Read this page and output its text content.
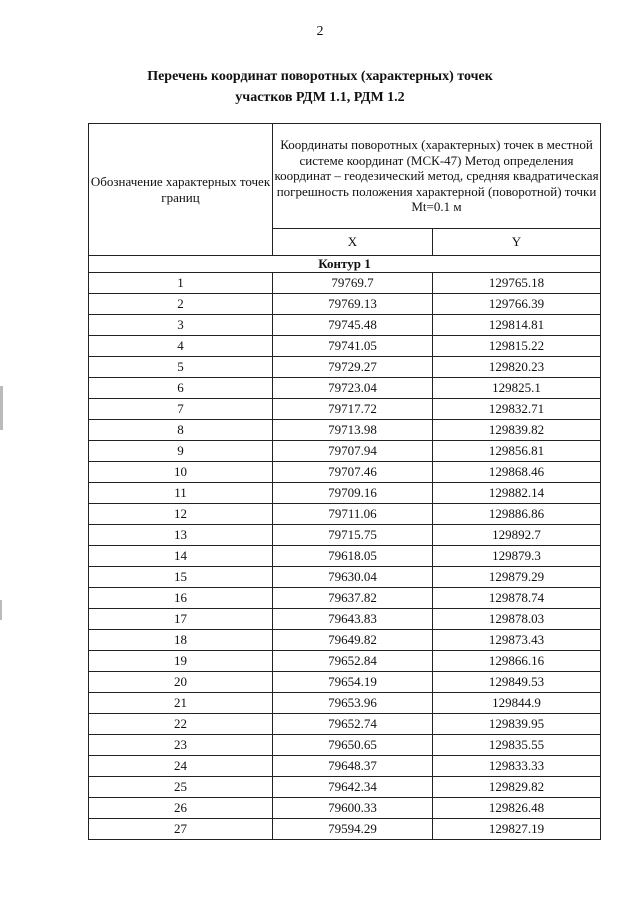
2
Перечень координат поворотных (характерных) точек
участков РДМ 1.1, РДМ 1.2
Обозначение характерных точек границ	Координаты поворотных (характерных) точек в местной системе координат (МСК-47) Метод определения координат – геодезический метод, средняя квадратическая погрешность положения характерной (поворотной) точки Mt=0.1 м	
	X	Y
Контур 1		
1	79769.7	129765.18
2	79769.13	129766.39
3	79745.48	129814.81
4	79741.05	129815.22
5	79729.27	129820.23
6	79723.04	129825.1
7	79717.72	129832.71
8	79713.98	129839.82
9	79707.94	129856.81
10	79707.46	129868.46
11	79709.16	129882.14
12	79711.06	129886.86
13	79715.75	129892.7
14	79618.05	129879.3
15	79630.04	129879.29
16	79637.82	129878.74
17	79643.83	129878.03
18	79649.82	129873.43
19	79652.84	129866.16
20	79654.19	129849.53
21	79653.96	129844.9
22	79652.74	129839.95
23	79650.65	129835.55
24	79648.37	129833.33
25	79642.34	129829.82
26	79600.33	129826.48
27	79594.29	129827.19
